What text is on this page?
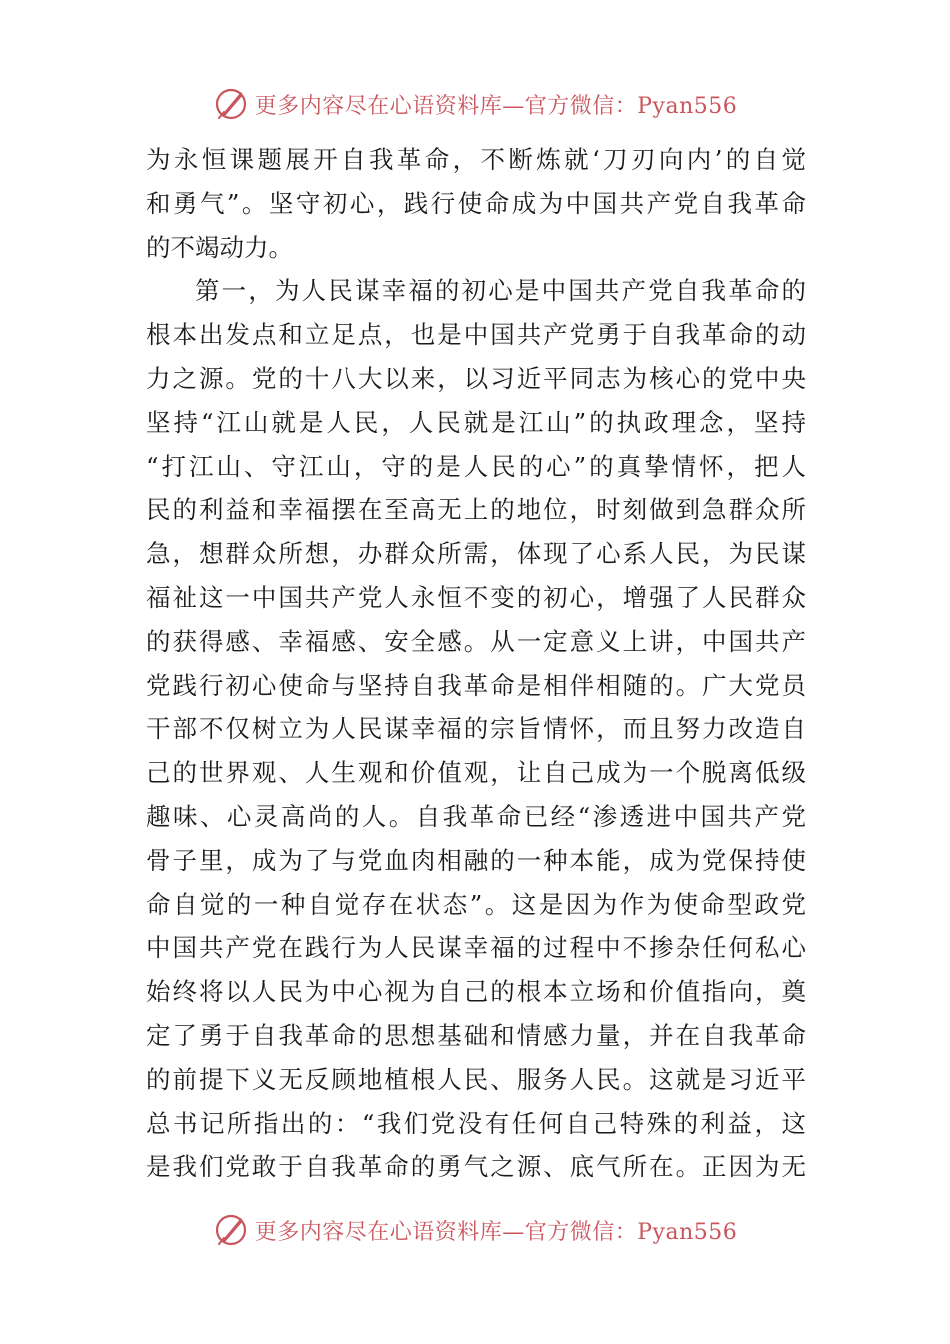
更多内容尽在心语资料库—官方微信：Pyan556
为永恒课题展开自我革命，不断炼就‘刀刃向内’的自觉
和勇气”。坚守初心，践行使命成为中国共产党自我革命
的不竭动力。
第一，为人民谋幸福的初心是中国共产党自我革命的
根本出发点和立足点，也是中国共产党勇于自我革命的动
力之源。党的十八大以来，以习近平同志为核心的党中央
坚持“江山就是人民，人民就是江山”的执政理念，坚持
“打江山、守江山，守的是人民的心”的真挚情怀，把人
民的利益和幸福摆在至高无上的地位，时刻做到急群众所
急，想群众所想，办群众所需，体现了心系人民，为民谋
福祉这一中国共产党人永恒不变的初心，增强了人民群众
的获得感、幸福感、安全感。从一定意义上讲，中国共产
党践行初心使命与坚持自我革命是相伴相随的。广大党员
干部不仅树立为人民谋幸福的宗旨情怀，而且努力改造自
己的世界观、人生观和价值观，让自己成为一个脱离低级
趣味、心灵高尚的人。自我革命已经“渗透进中国共产党
骨子里，成为了与党血肉相融的一种本能，成为党保持使
命自觉的一种自觉存在状态”。这是因为作为使命型政党
中国共产党在践行为人民谋幸福的过程中不掺杂任何私心
始终将以人民为中心视为自己的根本立场和价值指向，奠
定了勇于自我革命的思想基础和情感力量，并在自我革命
的前提下义无反顾地植根人民、服务人民。这就是习近平
总书记所指出的：“我们党没有任何自己特殊的利益，这
是我们党敢于自我革命的勇气之源、底气所在。正因为无
更多内容尽在心语资料库—官方微信：Pyan556
